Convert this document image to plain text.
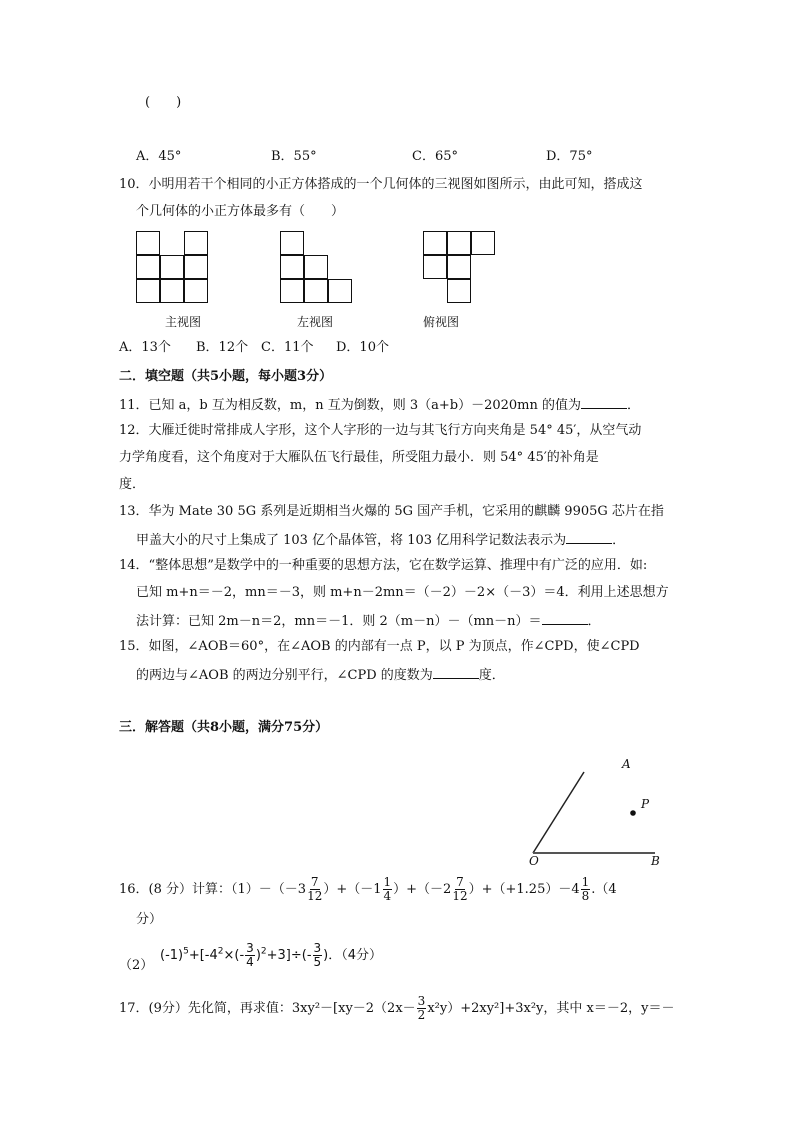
(　　)
A．45°	B．55°	C．65°	D．75°
10．小明用若干个相同的小正方体搭成的一个几何体的三视图如图所示，由此可知，搭成这
个几何体的小正方体最多有（　　）
主视图	左视图	俯视图
A．13个 B．12个 C．11个 D．10个
二．填空题（共5小题，每小题3分）
11．已知 a，b 互为相反数，m，n 互为倒数，则 3（a+b）－2020mn 的值为	．
12．大雁迁徙时常排成人字形，这个人字形的一边与其飞行方向夹角是 54° 45′，从空气动
力学角度看，这个角度对于大雁队伍飞行最佳，所受阻力最小．则 54° 45′的补角是
度．
13．华为 Mate 30 5G 系列是近期相当火爆的 5G 国产手机，它采用的麒麟 9905G 芯片在指
甲盖大小的尺寸上集成了 103 亿个晶体管，将 103 亿用科学记数法表示为	．
14．“整体思想”是数学中的一种重要的思想方法，它在数学运算、推理中有广泛的应用．如:
已知 m+n＝－2，mn＝－3，则 m+n－2mn＝（－2）－2×（－3）＝4．利用上述思想方
法计算：已知 2m－n＝2，mn＝－1．则 2（m－n）－（mn－n）＝	．
15．如图，∠AOB＝60°，在∠AOB 的内部有一点 P，以 P 为顶点，作∠CPD，使∠CPD
的两边与∠AOB 的两边分别平行，∠CPD 的度数为	度．
三．解答题（共8小题，满分75分）
A
P
O	B
16．(8 分）计算：$(1)-(-3 \frac{7}{12} )+(-1 \frac{1}{4} )+(-2 \frac{7}{12} )+(+1.25)-4 \frac{1}{8} .(4$
分）
（2）
$(-1)^5+[-4^2\times(- \frac{3}{4} )^2+3]\div(- \frac{3}{5}$ )．（4分）
17．(9分）先化简，再求值：$3xy^2-[xy-2(2x- \frac{3}{2} x^2y)+2xy^2]+3x^2y$，其中 x＝－2，y＝－
